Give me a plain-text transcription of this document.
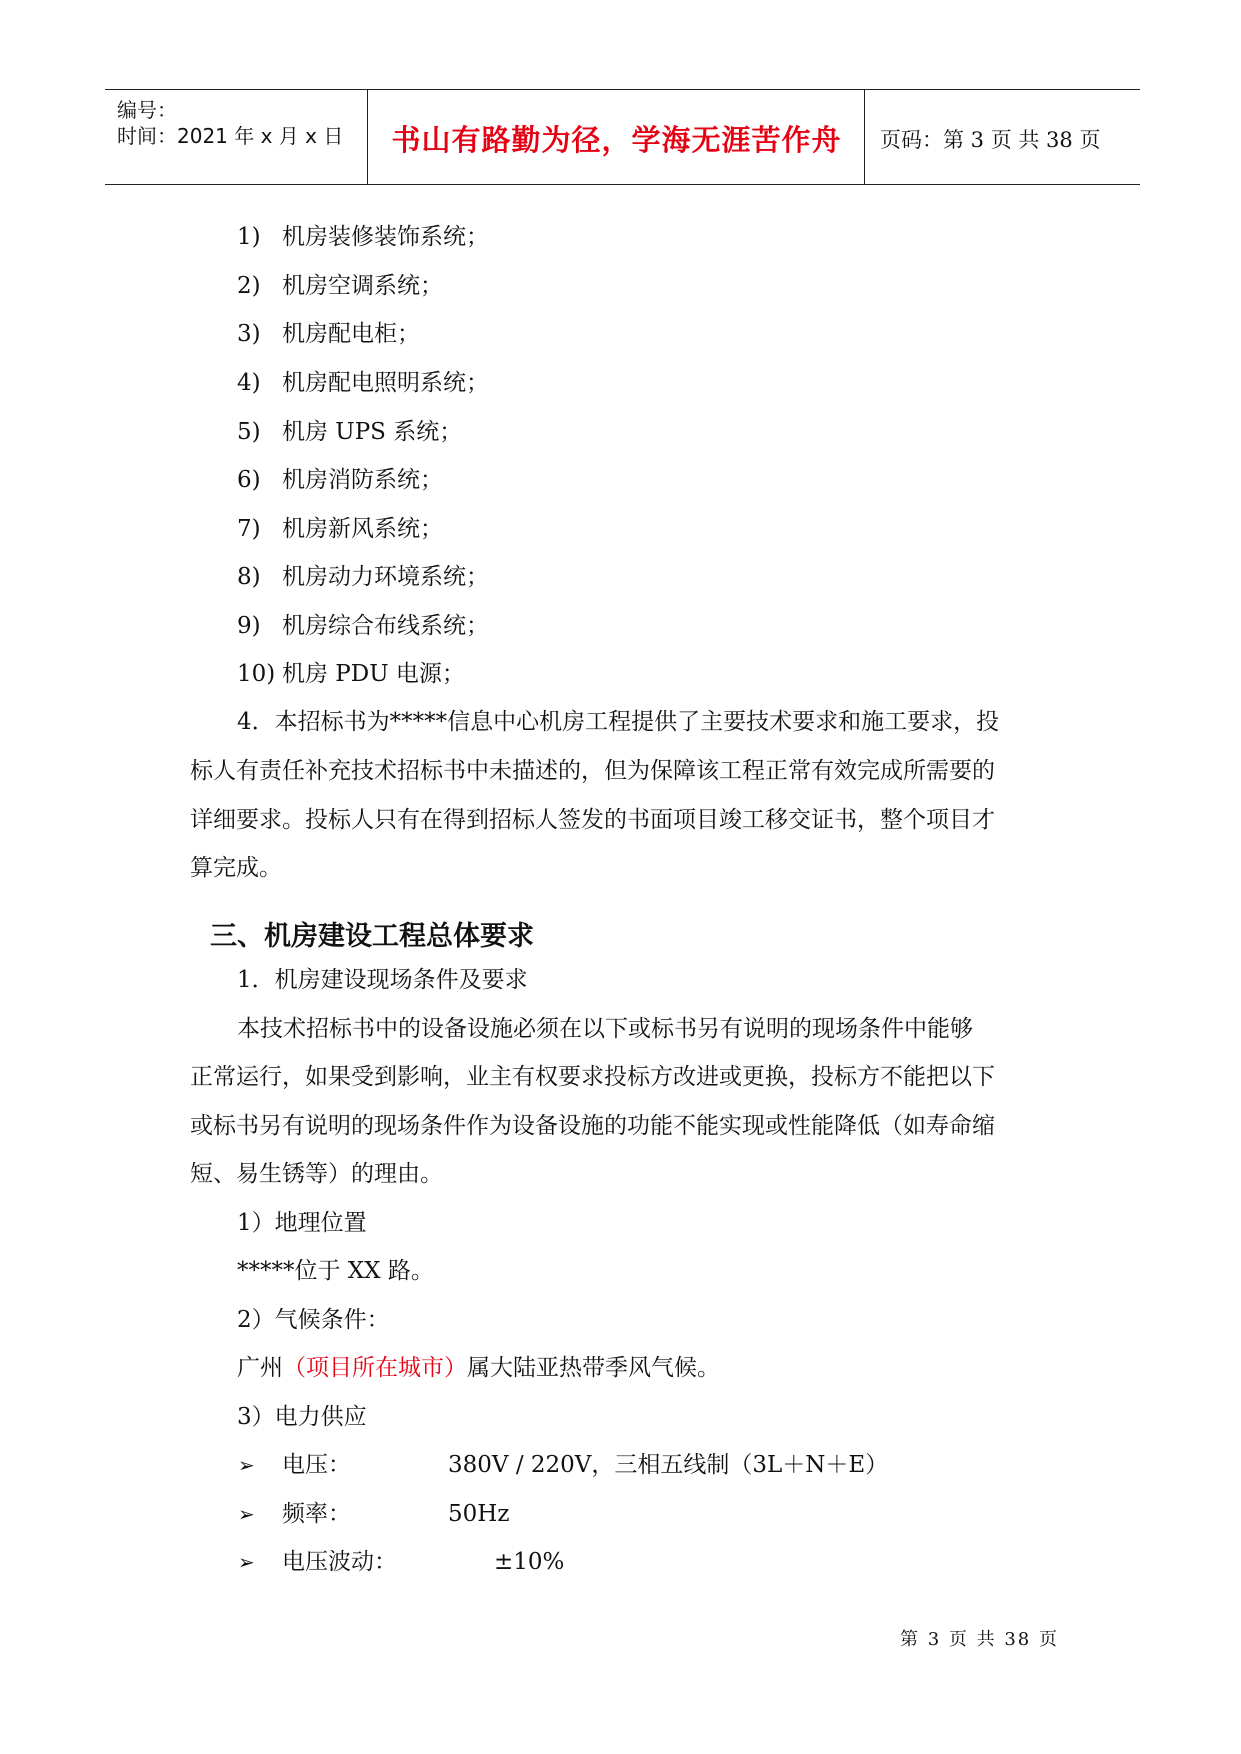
编号：
时间：2021 年 x 月 x 日	书山有路勤为径，学海无涯苦作舟	页码：第 3 页 共 38 页
1) 机房装修装饰系统；
2) 机房空调系统；
3) 机房配电柜；
4) 机房配电照明系统；
5) 机房 UPS 系统；
6) 机房消防系统；
7) 机房新风系统；
8) 机房动力环境系统；
9) 机房综合布线系统；
10) 机房 PDU 电源；
4．本招标书为*****信息中心机房工程提供了主要技术要求和施工要求，投
标人有责任补充技术招标书中未描述的，但为保障该工程正常有效完成所需要的
详细要求。投标人只有在得到招标人签发的书面项目竣工移交证书，整个项目才
算完成。
三、机房建设工程总体要求
1．机房建设现场条件及要求
本技术招标书中的设备设施必须在以下或标书另有说明的现场条件中能够
正常运行，如果受到影响，业主有权要求投标方改进或更换，投标方不能把以下
或标书另有说明的现场条件作为设备设施的功能不能实现或性能降低（如寿命缩
短、易生锈等）的理由。
1）地理位置
*****位于 XX 路。
2）气候条件：
广州（项目所在城市）属大陆亚热带季风气候。
3）电力供应
➢ 电压：	380V / 220V，三相五线制（3L＋N＋E）
➢ 频率：	50Hz
➢ 电压波动：	±10%
第 3 页 共 38 页
